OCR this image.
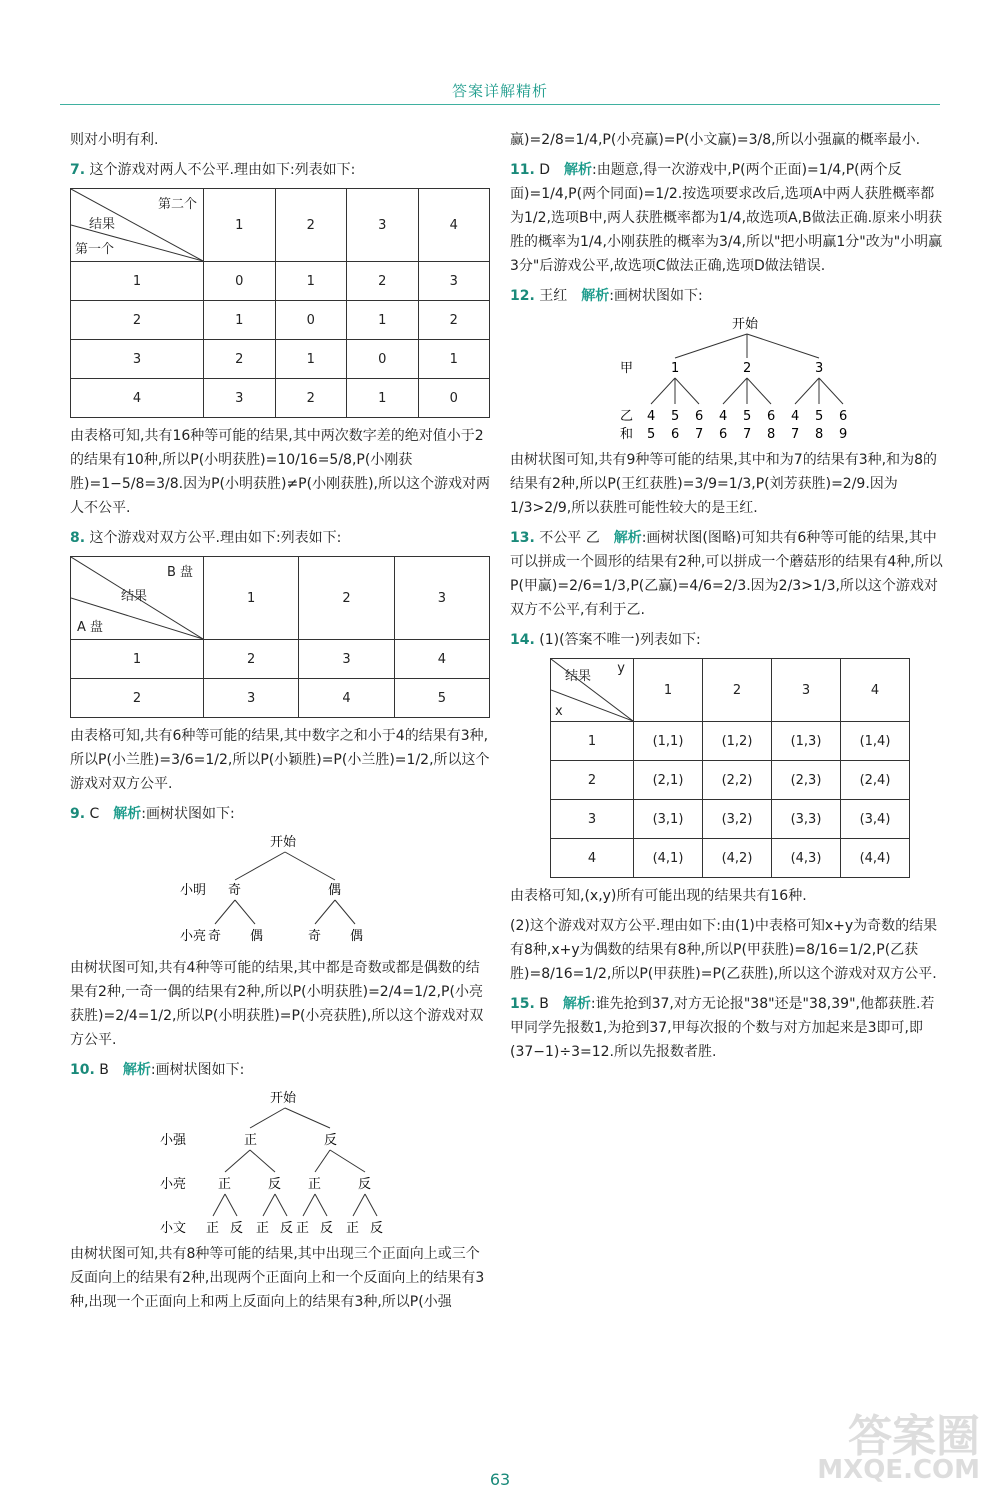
答案详解精析

则对小明有利.

7. 这个游戏对两人不公平.理由如下:列表如下:

第二个
结果
第一个	1	2	3	4
1	0	1	2	3
2	1	0	1	2
3	2	1	0	1
4	3	2	1	0

由表格可知,共有16种等可能的结果,其中两次数字差的绝对值小于2的结果有10种,所以P(小明获胜)=10/16=5/8,P(小刚获胜)=1−5/8=3/8.因为P(小明获胜)≠P(小刚获胜),所以这个游戏对两人不公平.

8. 这个游戏对双方公平.理由如下:列表如下:

B 盘
结果
A 盘	1	2	3
1	2	3	4
2	3	4	5

由表格可知,共有6种等可能的结果,其中数字之和小于4的结果有3种,所以P(小兰胜)=3/6=1/2,所以P(小颖胜)=P(小兰胜)=1/2,所以这个游戏对双方公平.

9. C　 解析:画树状图如下:

开始
小明 奇	偶
小亮 奇 偶	奇 偶

由树状图可知,共有4种等可能的结果,其中都是奇数或都是偶数的结果有2种,一奇一偶的结果有2种,所以P(小明获胜)=2/4=1/2,P(小亮获胜)=2/4=1/2,所以P(小明获胜)=P(小亮获胜),所以这个游戏对双方公平.

10. B　 解析:画树状图如下:

开始
小强	正	反
小亮 正	反 正	反
小文 正 反 正 反 正 反 正 反

由树状图可知,共有8种等可能的结果,其中出现三个正面向上或三个反面向上的结果有2种,出现两个正面向上和一个反面向上的结果有3种,出现一个正面向上和两上反面向上的结果有3种,所以P(小强

赢)=2/8=1/4,P(小亮赢)=P(小文赢)=3/8,所以小强赢的概率最小.

11. D　 解析:由题意,得一次游戏中,P(两个正面)=1/4,P(两个反面)=1/4,P(两个同面)=1/2.按选项要求改后,选项A中两人获胜概率都为1/2,选项B中,两人获胜概率都为1/4,故选项A,B做法正确.原来小明获胜的概率为1/4,小刚获胜的概率为3/4,所以"把小明赢1分"改为"小明赢3分"后游戏公平,故选项C做法正确,选项D做法错误.

12. 王红　 解析:画树状图如下:

开始
甲	1	2	3
乙 4 5 6 4 5 6 4 5 6
和 5 6 7 6 7 8 7 8 9

由树状图可知,共有9种等可能的结果,其中和为7的结果有3种,和为8的结果有2种,所以P(王红获胜)=3/9=1/3,P(刘芳获胜)=2/9.因为1/3>2/9,所以获胜可能性较大的是王红.

13. 不公平 乙　 解析:画树状图(图略)可知共有6种等可能的结果,其中可以拼成一个圆形的结果有2种,可以拼成一个蘑菇形的结果有4种,所以P(甲赢)=2/6=1/3,P(乙赢)=4/6=2/3.因为2/3>1/3,所以这个游戏对双方不公平,有利于乙.

14. (1)(答案不唯一)列表如下:

y
结果
x	1	2	3	4
1	(1,1)	(1,2)	(1,3)	(1,4)
2	(2,1)	(2,2)	(2,3)	(2,4)
3	(3,1)	(3,2)	(3,3)	(3,4)
4	(4,1)	(4,2)	(4,3)	(4,4)

由表格可知,(x,y)所有可能出现的结果共有16种.

(2)这个游戏对双方公平.理由如下:由(1)中表格可知x+y为奇数的结果有8种,x+y为偶数的结果有8种,所以P(甲获胜)=8/16=1/2,P(乙获胜)=8/16=1/2,所以P(甲获胜)=P(乙获胜),所以这个游戏对双方公平.

15. B　 解析:谁先抢到37,对方无论报"38"还是"38,39",他都获胜.若甲同学先报数1,为抢到37,甲每次报的个数与对方加起来是3即可,即(37−1)÷3=12.所以先报数者胜.

答案圈
MXQE.COM
63
